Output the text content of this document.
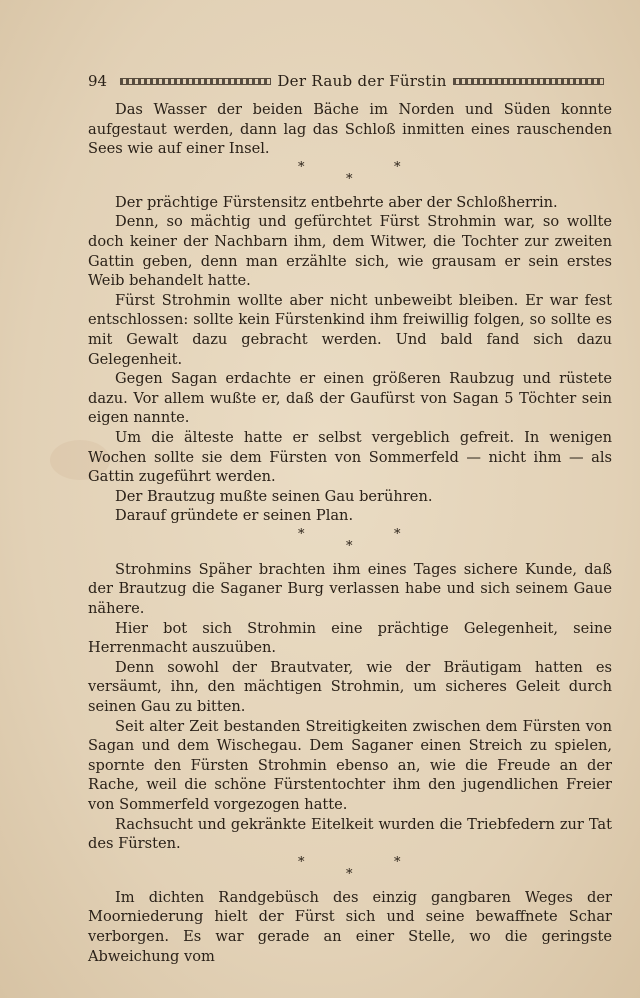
94	Der Raub der Fürstin

Das Wasser der beiden Bäche im Norden und Süden konnte aufgestaut werden, dann lag das Schloß inmitten eines rauschenden Sees wie auf einer Insel.

*
*
*

Der prächtige Fürstensitz entbehrte aber der Schloßherrin.

Denn, so mächtig und gefürchtet Fürst Strohmin war, so wollte doch keiner der Nachbarn ihm, dem Witwer, die Tochter zur zweiten Gattin geben, denn man erzählte sich, wie grausam er sein erstes Weib behandelt hatte.

Fürst Strohmin wollte aber nicht unbeweibt bleiben. Er war fest entschlossen: sollte kein Fürstenkind ihm freiwillig folgen, so sollte es mit Gewalt dazu gebracht werden. Und bald fand sich dazu Gelegenheit.

Gegen Sagan erdachte er einen größeren Raubzug und rüstete dazu. Vor allem wußte er, daß der Gaufürst von Sagan 5 Töchter sein eigen nannte.

Um die älteste hatte er selbst vergeblich gefreit. In wenigen Wochen sollte sie dem Fürsten von Sommerfeld — nicht ihm — als Gattin zugeführt werden.

Der Brautzug mußte seinen Gau berühren.

Darauf gründete er seinen Plan.

*
*
*

Strohmins Späher brachten ihm eines Tages sichere Kunde, daß der Brautzug die Saganer Burg verlassen habe und sich seinem Gaue nähere.

Hier bot sich Strohmin eine prächtige Gelegenheit, seine Herrenmacht auszuüben.

Denn sowohl der Brautvater, wie der Bräutigam hatten es versäumt, ihn, den mächtigen Strohmin, um sicheres Geleit durch seinen Gau zu bitten.

Seit alter Zeit bestanden Streitigkeiten zwischen dem Fürsten von Sagan und dem Wischegau. Dem Saganer einen Streich zu spielen, spornte den Fürsten Strohmin ebenso an, wie die Freude an der Rache, weil die schöne Fürstentochter ihm den jugendlichen Freier von Sommerfeld vorgezogen hatte.

Rachsucht und gekränkte Eitelkeit wurden die Triebfedern zur Tat des Fürsten.

*
*
*

Im dichten Randgebüsch des einzig gangbaren Weges der Moorniederung hielt der Fürst sich und seine bewaffnete Schar verborgen. Es war gerade an einer Stelle, wo die geringste Abweichung vom
